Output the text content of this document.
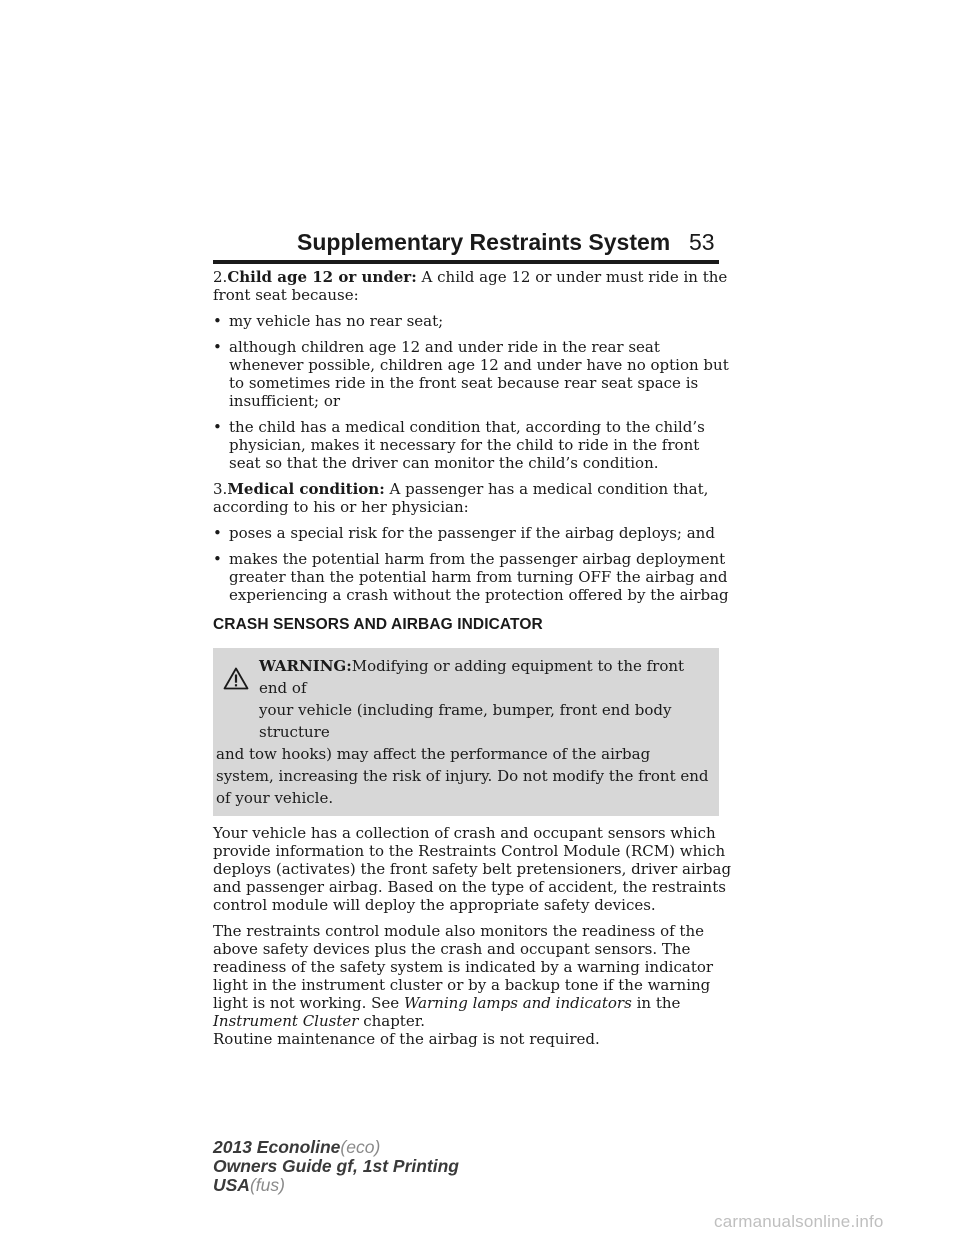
Supplementary Restraints System 53

2.Child age 12 or under: A child age 12 or under must ride in the front seat because:

• my vehicle has no rear seat;
• although children age 12 and under ride in the rear seat whenever possible, children age 12 and under have no option but to sometimes ride in the front seat because rear seat space is insufficient; or
• the child has a medical condition that, according to the child’s physician, makes it necessary for the child to ride in the front seat so that the driver can monitor the child’s condition.

3.Medical condition: A passenger has a medical condition that, according to his or her physician:

• poses a special risk for the passenger if the airbag deploys; and
• makes the potential harm from the passenger airbag deployment greater than the potential harm from turning OFF the airbag and experiencing a crash without the protection offered by the airbag
CRASH SENSORS AND AIRBAG INDICATOR
WARNING:Modifying or adding equipment to the front end of
your vehicle (including frame, bumper, front end body structure
and tow hooks) may affect the performance of the airbag system, increasing the risk of injury. Do not modify the front end of your vehicle.

Your vehicle has a collection of crash and occupant sensors which provide information to the Restraints Control Module (RCM) which deploys (activates) the front safety belt pretensioners, driver airbag and passenger airbag. Based on the type of accident, the restraints control module will deploy the appropriate safety devices.

The restraints control module also monitors the readiness of the above safety devices plus the crash and occupant sensors. The readiness of the safety system is indicated by a warning indicator light in the instrument cluster or by a backup tone if the warning light is not working. See Warning lamps and indicators in the Instrument Cluster chapter.
Routine maintenance of the airbag is not required.

2013 Econoline(eco)
Owners Guide gf, 1st Printing
USA(fus)
carmanualsonline.info
